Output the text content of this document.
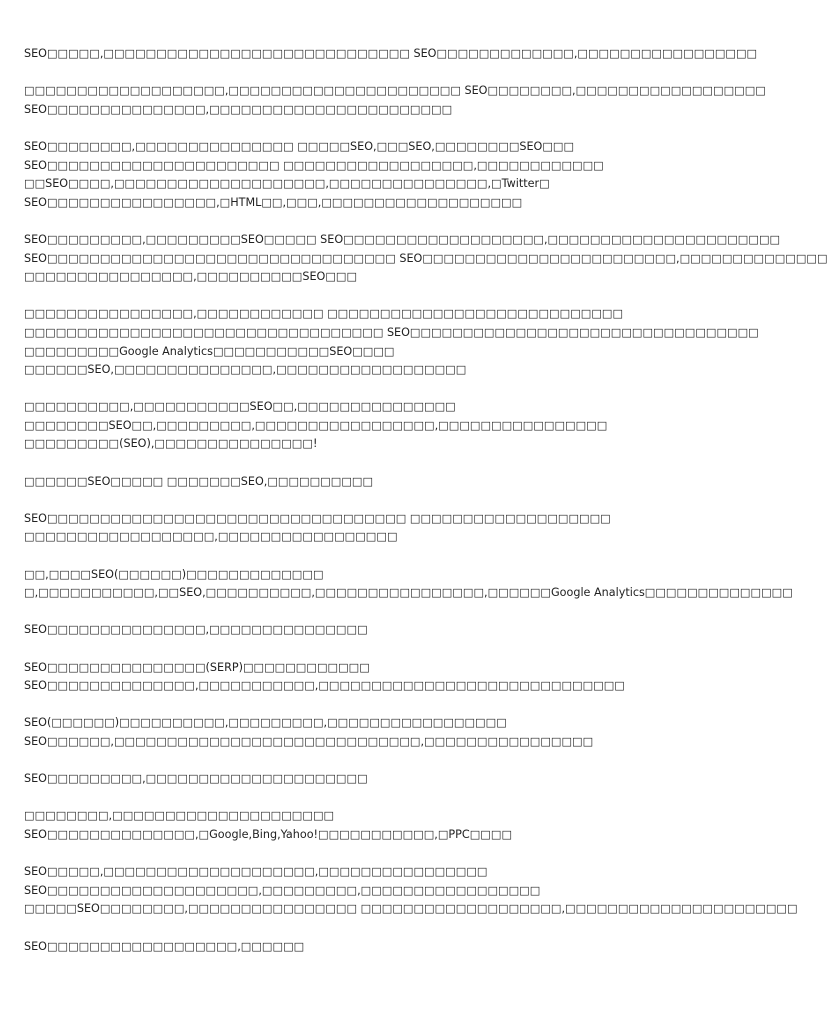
SEO□□□□□,□□□□□□□□□□□□□□□□□□□□□□□□□□□□□ SEO□□□□□□□□□□□□□,□□□□□□□□□□□□□□□□□
□□□□□□□□□□□□□□□□□□□,□□□□□□□□□□□□□□□□□□□□□□ SEO□□□□□□□□,□□□□□□□□□□□□□□□□□□
SEO□□□□□□□□□□□□□□□,□□□□□□□□□□□□□□□□□□□□□□□
SEO□□□□□□□□,□□□□□□□□□□□□□□□ □□□□□SEO,□□□SEO,□□□□□□□□SEO□□□
SEO□□□□□□□□□□□□□□□□□□□□□□ □□□□□□□□□□□□□□□□□□,□□□□□□□□□□□□
□□SEO□□□□,□□□□□□□□□□□□□□□□□□□□,□□□□□□□□□□□□□□□,□Twitter□
SEO□□□□□□□□□□□□□□□□,□HTML□□,□□□,□□□□□□□□□□□□□□□□□□□
SEO□□□□□□□□□,□□□□□□□□□SEO□□□□□ SEO□□□□□□□□□□□□□□□□□□□,□□□□□□□□□□□□□□□□□□□□□□
SEO□□□□□□□□□□□□□□□□□□□□□□□□□□□□□□□□□ SEO□□□□□□□□□□□□□□□□□□□□□□□□,□□□□□□□□□□□□□□
□□□□□□□□□□□□□□□□,□□□□□□□□□□SEO□□□
□□□□□□□□□□□□□□□□,□□□□□□□□□□□□ □□□□□□□□□□□□□□□□□□□□□□□□□□□□
□□□□□□□□□□□□□□□□□□□□□□□□□□□□□□□□□□ SEO□□□□□□□□□□□□□□□□□□□□□□□□□□□□□□□□□
□□□□□□□□□Google Analytics□□□□□□□□□□□SEO□□□□
□□□□□□SEO,□□□□□□□□□□□□□□□,□□□□□□□□□□□□□□□□□□
□□□□□□□□□□,□□□□□□□□□□□SEO□□,□□□□□□□□□□□□□□□
□□□□□□□□SEO□□,□□□□□□□□□,□□□□□□□□□□□□□□□□□,□□□□□□□□□□□□□□□□
□□□□□□□□□(SEO),□□□□□□□□□□□□□□□!
□□□□□□SEO□□□□□ □□□□□□□SEO,□□□□□□□□□□
SEO□□□□□□□□□□□□□□□□□□□□□□□□□□□□□□□□□□ □□□□□□□□□□□□□□□□□□□
□□□□□□□□□□□□□□□□□□,□□□□□□□□□□□□□□□□□
□□,□□□□SEO(□□□□□□)□□□□□□□□□□□□□
□,□□□□□□□□□□□,□□SEO,□□□□□□□□□□,□□□□□□□□□□□□□□□□,□□□□□□Google Analytics□□□□□□□□□□□□□□
SEO□□□□□□□□□□□□□□□,□□□□□□□□□□□□□□□
SEO□□□□□□□□□□□□□□□(SERP)□□□□□□□□□□□□
SEO□□□□□□□□□□□□□□,□□□□□□□□□□□,□□□□□□□□□□□□□□□□□□□□□□□□□□□□□
SEO(□□□□□□)□□□□□□□□□□,□□□□□□□□□,□□□□□□□□□□□□□□□□□
SEO□□□□□□,□□□□□□□□□□□□□□□□□□□□□□□□□□□□□,□□□□□□□□□□□□□□□□
SEO□□□□□□□□□,□□□□□□□□□□□□□□□□□□□□□
□□□□□□□□,□□□□□□□□□□□□□□□□□□□□□
SEO□□□□□□□□□□□□□□,□Google,Bing,Yahoo!□□□□□□□□□□□,□PPC□□□□
SEO□□□□□,□□□□□□□□□□□□□□□□□□□□,□□□□□□□□□□□□□□□□
SEO□□□□□□□□□□□□□□□□□□□□,□□□□□□□□□,□□□□□□□□□□□□□□□□□
□□□□□SEO□□□□□□□□,□□□□□□□□□□□□□□□□ □□□□□□□□□□□□□□□□□□□,□□□□□□□□□□□□□□□□□□□□□□
SEO□□□□□□□□□□□□□□□□□□,□□□□□□
